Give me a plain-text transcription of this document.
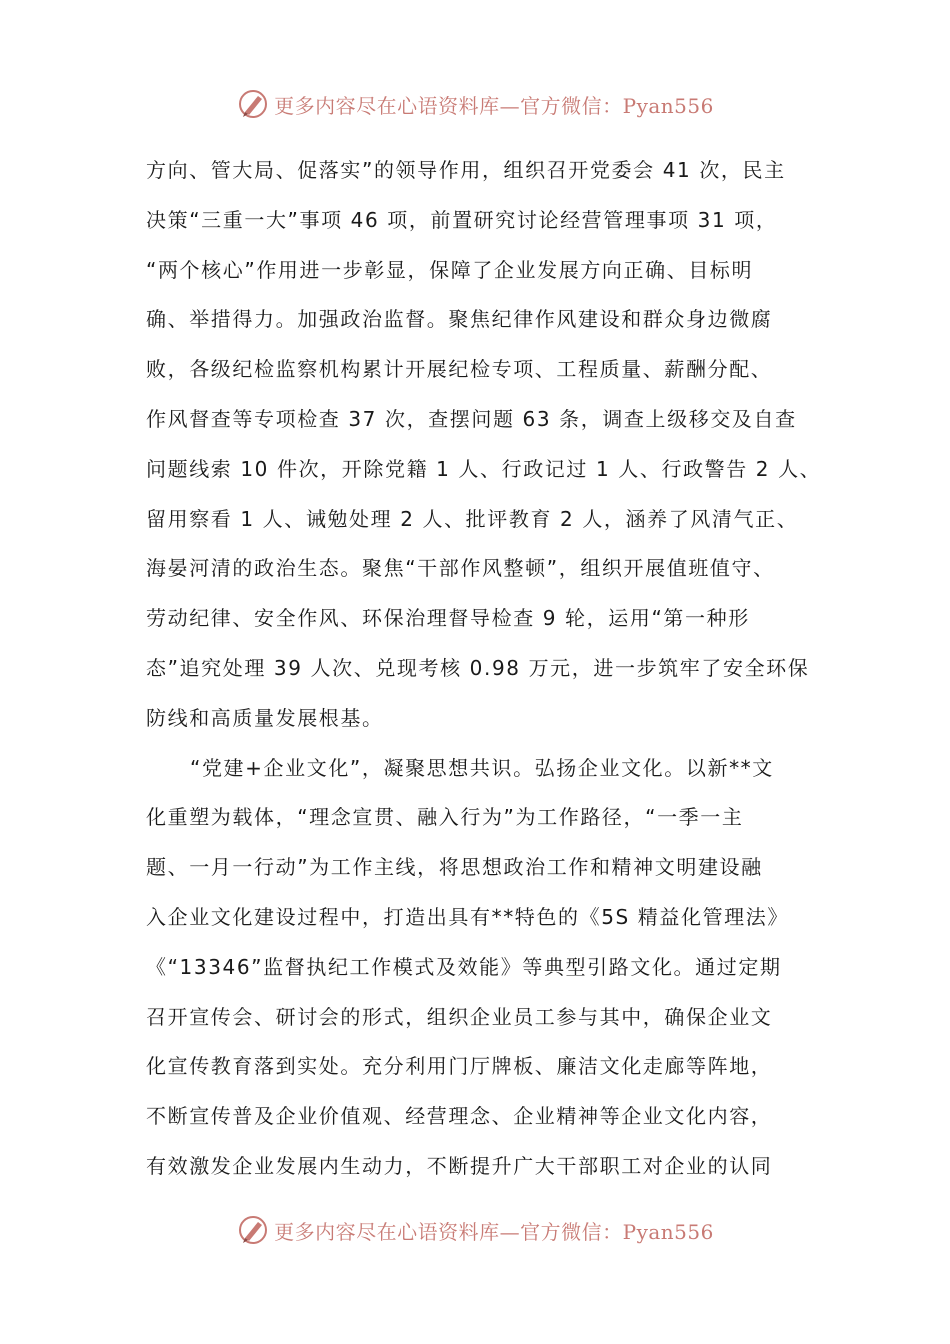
更多内容尽在心语资料库—官方微信：Pyan556
方向、管大局、促落实”的领导作用，组织召开党委会 41 次，民主
决策“三重一大”事项 46 项，前置研究讨论经营管理事项 31 项，
“两个核心”作用进一步彰显，保障了企业发展方向正确、目标明
确、举措得力。加强政治监督。聚焦纪律作风建设和群众身边微腐
败，各级纪检监察机构累计开展纪检专项、工程质量、薪酬分配、
作风督查等专项检查 37 次，查摆问题 63 条，调查上级移交及自查
问题线索 10 件次，开除党籍 1 人、行政记过 1 人、行政警告 2 人、
留用察看 1 人、诫勉处理 2 人、批评教育 2 人，涵养了风清气正、
海晏河清的政治生态。聚焦“干部作风整顿”，组织开展值班值守、
劳动纪律、安全作风、环保治理督导检查 9 轮，运用“第一种形
态”追究处理 39 人次、兑现考核 0.98 万元，进一步筑牢了安全环保
防线和高质量发展根基。
“党建+企业文化”，凝聚思想共识。弘扬企业文化。以新**文
化重塑为载体，“理念宣贯、融入行为”为工作路径，“一季一主
题、一月一行动”为工作主线，将思想政治工作和精神文明建设融
入企业文化建设过程中，打造出具有**特色的《5S 精益化管理法》
《“13346”监督执纪工作模式及效能》等典型引路文化。通过定期
召开宣传会、研讨会的形式，组织企业员工参与其中，确保企业文
化宣传教育落到实处。充分利用门厅牌板、廉洁文化走廊等阵地，
不断宣传普及企业价值观、经营理念、企业精神等企业文化内容，
有效激发企业发展内生动力，不断提升广大干部职工对企业的认同
更多内容尽在心语资料库—官方微信：Pyan556
